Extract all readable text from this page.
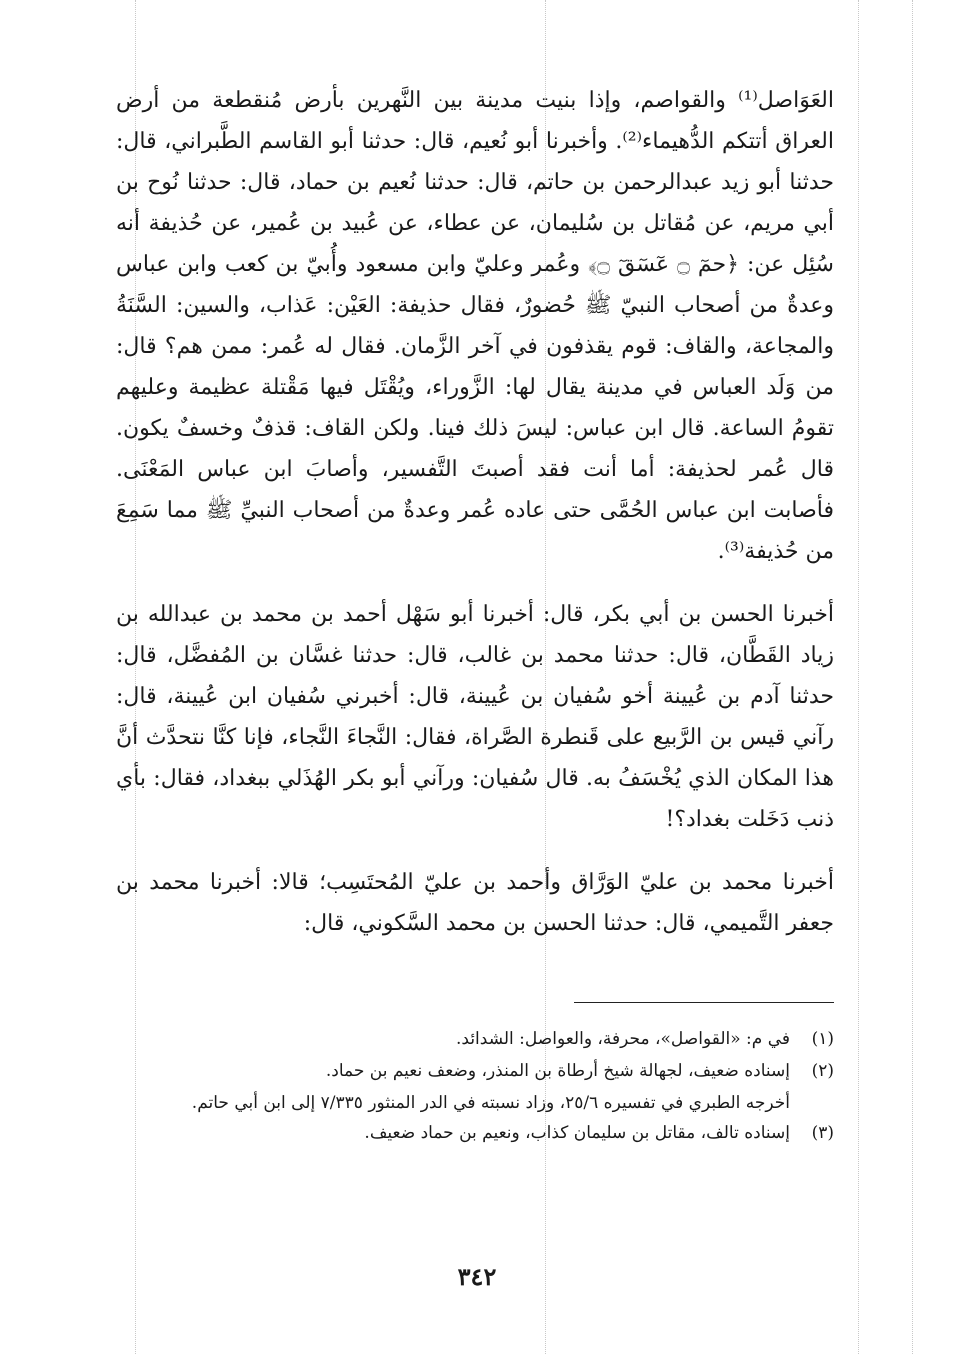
العَوَاصل⁽¹⁾ والقواصم، وإذا بنيت مدينة بين النَّهرين بأرض مُنقطعة من أرض العراق أتتكم الدُّهيماء⁽²⁾. وأخبرنا أبو نُعيم، قال: حدثنا أبو القاسم الطَّبراني، قال: حدثنا أبو زيد عبدالرحمن بن حاتم، قال: حدثنا نُعيم بن حماد، قال: حدثنا نُوح بن أبي مريم، عن مُقاتل بن سُليمان، عن عطاء، عن عُبيد بن عُمير، عن حُذيفة أنه سُئِل عن: ﴿حمٓ ۝ عٓسٓقٓ ۝﴾ وعُمر وعليّ وابن مسعود وأُبيّ بن كعب وابن عباس وعدةٌ من أصحاب النبيّ ﷺ حُضورٌ، فقال حذيفة: العَيْن: عَذاب، والسين: السَّنَةُ والمجاعة، والقاف: قوم يقذفون في آخر الزَّمان. فقال له عُمر: ممن هم؟ قال: من وَلَد العباس في مدينة يقال لها: الزَّوراء، ويُقْتَل فيها مَقْتلة عظيمة وعليهم تقومُ الساعة. قال ابن عباس: ليسَ ذلك فينا. ولكن القاف: قذفٌ وخسفٌ يكون. قال عُمر لحذيفة: أما أنت فقد أصبتَ التَّفسير، وأصابَ ابن عباس المَعْنَى. فأصابت ابن عباس الحُمَّى حتى عاده عُمر وعدةٌ من أصحاب النبيِّ ﷺ مما سَمِعَ من حُذيفة⁽³⁾.

أخبرنا الحسن بن أبي بكر، قال: أخبرنا أبو سَهْل أحمد بن محمد بن عبدالله بن زياد القَطَّان، قال: حدثنا محمد بن غالب، قال: حدثنا غسَّان بن المُفضَّل، قال: حدثنا آدم بن عُيينة أخو سُفيان بن عُيينة، قال: أخبرني سُفيان ابن عُيينة، قال: رآني قيس بن الرَّبيع على قَنطرة الصَّراة، فقال: النَّجاءَ النَّجاء، فإنا كنَّا نتحدَّث أنَّ هذا المكان الذي يُخْسَفُ به. قال سُفيان: ورآني أبو بكر الهُذَلي ببغداد، فقال: بأي ذنب دَخَلت بغداد؟!

أخبرنا محمد بن عليّ الوَرَّاق وأحمد بن عليّ المُحتَسِب؛ قالا: أخبرنا محمد بن جعفر التَّميمي، قال: حدثنا الحسن بن محمد السَّكوني، قال:

(١)
في م: «القواصل»، محرفة، والعواصل: الشدائد.
(٢)
إسناده ضعيف، لجهالة شيخ أرطاة بن المنذر، وضعف نعيم بن حماد.

أخرجه الطبري في تفسيره ٢٥/٦، وزاد نسبته في الدر المنثور ٧/٣٣٥ إلى ابن أبي حاتم.

(٣)
إسناده تالف، مقاتل بن سليمان كذاب، ونعيم بن حماد ضعيف.
٣٤٢
